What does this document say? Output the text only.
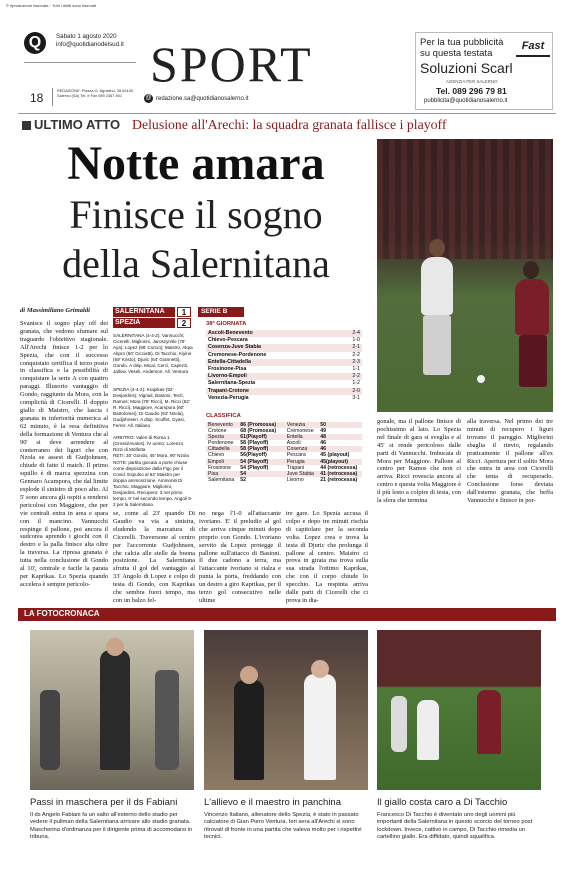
© riproduzione riservata · Tutti i diritti sono riservati
Q	Sabato 1 agosto 2020
info@quotidianodelsud.it
18
REDAZIONE: Piazza G. Agostino, 28 84100 Salerno (SA) Tel. e Fax 089 2367 801
SPORT
@ redazione.sa@quotidianosalerno.it
Per la tua pubblicità
su questa testata
Fast
Soluzioni Scarl
AGENZIA PER SALERNO
Tel. 089 296 79 81
pubblicita@quotidianosalerno.it
ULTIMO ATTO Delusione all'Arechi: la squadra granata fallisce i playoff
Notte amara
Finisce il sogno
della Salernitana
di Massimiliano Grimaldi
Svanisce il sogno play off dei granata, che vedono sfumare sul traguardo l'obiettivo stagionale. All'Arechi finisce 1-2 per lo Spezia, che con il successo conquistato certifica il terzo posto in classifica e la possibilità di conquistare la serie A con quattro paraggi. Illusorio vantaggio di Gondo, raggiunto da Mora, con la complicità di Cicerelli. Il doppio giallo di Maistro, che lascia i granata in inferiorità numerica al 62 minuto, è la resa definitiva della formazione di Ventura che al 90' si deve arrendere al conterraneo dei liguri che con Nzola se assest di Gudjohnsen, chiude di fatto il match. Il primo squillo è di marca spezzina con Gennaro Acampora, che dal limite esplode il sinistro di poco alto. Al 5' sono ancora gli ospiti a rendersi pericolosi con Maggiore, che per vie centrali entra in area e spara con il mancino. Vannucchi respinge il pallone, poi ancora il sudcorea aprendo i giochi con il destro e la palla finisce alta oltre la traversa. La ripresa granata è tutta nella conclusione di Gondo al 10', centrale e facile la parata per Kaprikas. Lo Spezia quando accelera è sempre pericolo-
SALERNITANA	1
SPEZIA	2
SALERNITANA (4-4-2): Vannucchi; Cicerelli, Migliorini, Jaroszynski (78' Aya); Lopez (68' Curcio); Maistro, Akpa Akpro (60' Cicciatti), Di Tacchio, Kiyine (69' Kristo); Djuric (64' Giannetti), Gondo. A disp. Micai, Cerci, Capezzi, Jallow, Veseli, Anderson. All. Ventura
SPEZIA (4-4-2): Krapikas (92' Desjardins); Vignali, Bastoni, Terzi, Ramos; Mora (78' Ricci), M. Ricci (62' R. Ricci), Maggiore, Acampora (60' Bartolomei); Di Gaudio (63' Nzola), Gudjohnsen. A disp. Scuffet, Gyasi, Ferrer. All. Italiano
ARBITRO: Valeri di Roma 1 (Grossi/Avalos). IV uomo: Lorenzo Rizzi di Molfetta
RETI: 30' Gondo, 45' Mora, 90' Nzola
NOTE: partita giocata a porte chiuse come disposizione dalla Figc per il Covid. Espulso al 62' Maistro per doppia ammonizione. Ammoniti Di Tacchio, Maggiore, Migliorini, Desjardins. Recupero: 3 nel primo tempo, 6' nel secondo tempo. Angoli 5-2 per la Salernitana
SERIE B
38ª GIORNATA
Ascoli-Benevento	2-4
Chievo-Pescara	1-0
Cosenza-Juve Stabia	2-1
Cremonese-Pordenone	2-2
Entella-Cittadella	2-3
Frosinone-Pisa	1-1
Livorno-Empoli	2-2
Salernitana-Spezia	1-2
Trapani-Crotone	2-0
Venezia-Perugia	3-1
CLASSIFICA
Benevento	86 (Promossa)	Venezia	50
Crotone	68 (Promossa)	Cremonese	49
Spezia	61(Playoff)	Entella	48
Pordenone	58 (Playoff)	Ascoli	46
Cittadella	58 (Playoff)	Cosenza	46
Chievo	56(Playoff)	Pescara	45 (playout)
Empoli	54 (Playoff)	Perugia	45(playout)
Frosinone	54 (Playoff)	Trapani	44 (retrocessa)
Pisa	54	Juve Stabia	41 (retrocessa)
Salernitana	52	Livorno	21 (retrocessa)
se, come al 23' quando Di Gaudio va via a sinistra, eludendo la marcatura di Cicerelli. Traversone al centro per l'accorrente Gudjohnsen, che calcia alle stelle da buona posizione. La Salernitana sfrutta il gol del vantaggio al 33' Angolo di Lopez e colpo di testa di Gondo, con Kaprikas che sembra fuori tempo, ma con un balzo fel-
no nega l'1-0 all'attaccante ivoriano. E' il preludio al gol che arriva cinque minuti dopo proprio con Gondo. L'ivoriano servito da Lopez protegge il pallone sull'attacco di Bastoni. Il due cadono a terra, ma l'attaccante ivoriano si rialza e punta la porta, freddando con un destro a giro Kaprikas, per il terzo gol consecutivo nelle ultime
tre gare. Lo Spezia accusa il colpo e dopo tre minuti rischia di capitolare per la seconda volta. Lopez crea e trova la testa di Djuric che prolunga il pallone al centro. Maistro ci prova in girata ma trova sulla sua strada l'ottimo Kaprikas, che con il corpo chiude lo specchio. La respinta arriva dalle parti di Cicerelli che ci prova in dia-
gonale, ma il pallone finisce di pochissimo al lato. Lo Spezia nel finale di gara si sveglia e al 45' si rende pericoloso dalle parti di Vannucchi. Imbucata di Mora per Maggiore. Pallone al centro per Ramos che non ci arriva. Ricci rovescia ancora al centro e questa volta Maggiore è il più lesto a colpire di testa, con la sfera che termina
alla traversa. Nel primo dei tre minuti di recupero i liguri trovano il pareggio. Migliorini sbaglia il rinvio, regalando praticamente il pallone all'ex Ricci. Apertura per il solito Mora che entra in area con Cicerelli che tenta di recuperarlo. Conclusione forse deviata dall'esterno granata, che beffa Vannucchi e finisce in por-
LA FOTOCRONACA
Passi in maschera per il ds Fabiani
Il ds Angelo Fabiani fa un salto all'esterno dello stadio per vedere il pullman della Salernitana arrivare allo stadio granata. Mascherina d'ordinanza per il dirigente prima di accomodarsi in tribuna.
L'allievo e il maestro in panchina
Vincenzo Italiano, allenatore dello Spezia, è stato in passato calciatore di Gian Piero Ventura. Ieri sera all'Arechi si sono ritrovati di fronte in una partita che valeva molto per i rispettivi tecnici.
Il giallo costa caro a Di Tacchio
Francesco Di Tacchio è diventato uno degli uomini più importanti della Salernitana in questo scorcio del torneo post lockdown. Invece, cattivo in campo, Di Tacchio rimedia un cartellino giallo. Era diffidato, quindi squalifica.
